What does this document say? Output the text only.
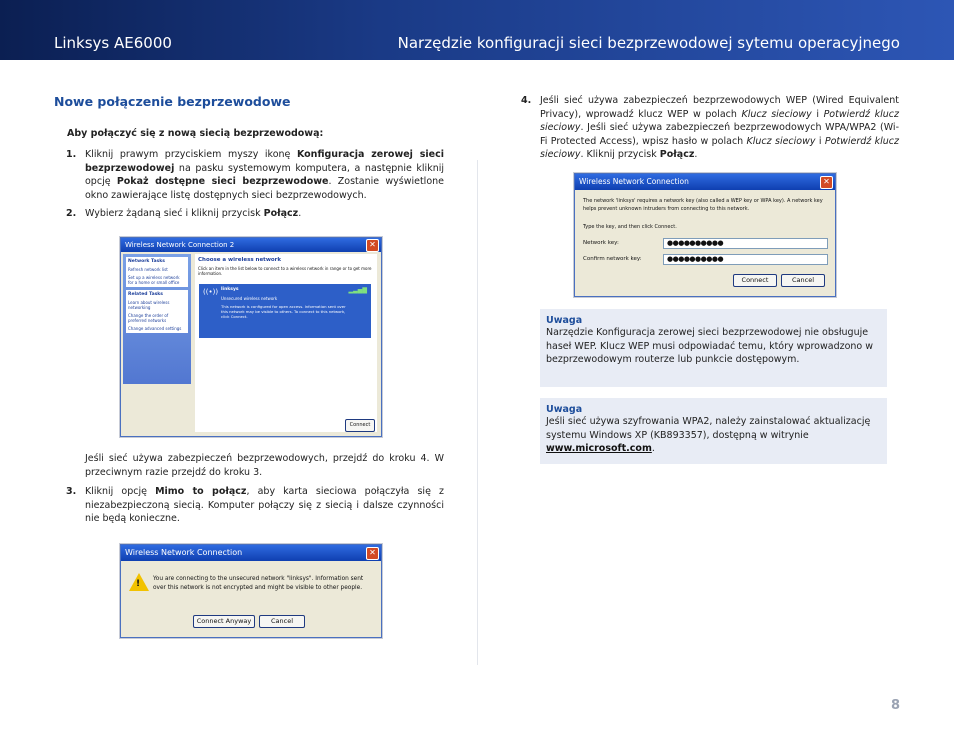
Linksys AE6000	Narzędzie konfiguracji sieci bezprzewodowej sytemu operacyjnego
Nowe połączenie bezprzewodowe
Aby połączyć się z nową siecią bezprzewodową:
1. Kliknij prawym przyciskiem myszy ikonę Konfiguracja zerowej sieci bezprzewodowej na pasku systemowym komputera, a następnie kliknij opcję Pokaż dostępne sieci bezprzewodowe. Zostanie wyświetlone okno zawierające listę dostępnych sieci bezprzewodowych.
2. Wybierz żądaną sieć i kliknij przycisk Połącz.
Wireless Network Connection 2	✕
Network Tasks
Refresh network list
Set up a wireless network for a home or small office
Related Tasks
Learn about wireless networking
Change the order of preferred networks
Change advanced settings
Choose a wireless network
Click an item in the list below to connect to a wireless network in range or to get more information.
((•)) linksys
Unsecured wireless network
This network is configured for open access. Information sent over this network may be visible to others. To connect to this network, click Connect.
▂▃▅▇
Connect
Jeśli sieć używa zabezpieczeń bezprzewodowych, przejdź do kroku 4. W przeciwnym razie przejdź do kroku 3.
3. Kliknij opcję Mimo to połącz, aby karta sieciowa połączyła się z niezabezpieczoną siecią. Komputer połączy się z siecią i dalsze czynności nie będą konieczne.
Wireless Network Connection	✕
! You are connecting to the unsecured network "linksys". Information sent over this network is not encrypted and might be visible to other people.
Connect Anyway	Cancel
4. Jeśli sieć używa zabezpieczeń bezprzewodowych WEP (Wired Equivalent Privacy), wprowadź klucz WEP w polach Klucz sieciowy i Potwierdź klucz sieciowy. Jeśli sieć używa zabezpieczeń bezprzewodowych WPA/WPA2 (Wi-Fi Protected Access), wpisz hasło w polach Klucz sieciowy i Potwierdź klucz sieciowy. Kliknij przycisk Połącz.
Wireless Network Connection	✕
The network 'linksys' requires a network key (also called a WEP key or WPA key). A network key helps prevent unknown intruders from connecting to this network.
Type the key, and then click Connect.
Network key:	●●●●●●●●●●
Confirm network key:	●●●●●●●●●●
Connect	Cancel
Uwaga
Narzędzie Konfiguracja zerowej sieci bezprzewodowej nie obsługuje haseł WEP. Klucz WEP musi odpowiadać temu, który wprowadzono w bezprzewodowym routerze lub punkcie dostępowym.
Uwaga
Jeśli sieć używa szyfrowania WPA2, należy zainstalować aktualizację systemu Windows XP (KB893357), dostępną w witrynie www.microsoft.com.
8
